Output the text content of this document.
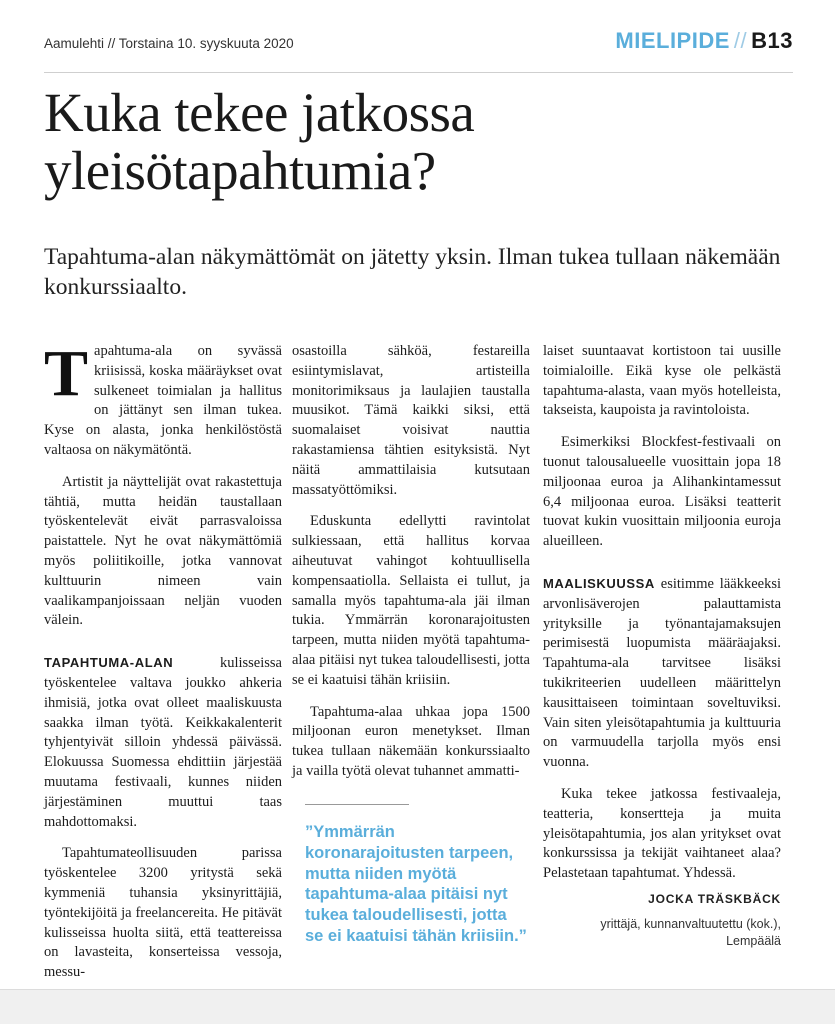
Aamulehti // Torstaina 10. syyskuuta 2020	MIELIPIDE // B13
Kuka tekee jatkossa yleisötapahtumia?

Tapahtuma-alan näkymättömät on jätetty yksin. Ilman tukea tullaan näkemään konkurssiaalto.

Tapahtuma-ala on syvässä kriisissä, koska määräykset ovat sulkeneet toimialan ja hallitus on jättänyt sen ilman tukea. Kyse on alasta, jonka henkilöstöstä valtaosa on näkymätöntä.

Artistit ja näyttelijät ovat rakastettuja tähtiä, mutta heidän taustallaan työskentelevät eivät parrasvaloissa paistattele. Nyt he ovat näkymättömiä myös poliitikoille, jotka vannovat kulttuurin nimeen vain vaalikampanjoissaan neljän vuoden välein.

TAPAHTUMA-ALAN kulisseissa työskentelee valtava joukko ahkeria ihmisiä, jotka ovat olleet maaliskuusta saakka ilman työtä. Keikkakalenterit tyhjentyivät silloin yhdessä päivässä. Elokuussa Suomessa ehdittiin järjestää muutama festivaali, kunnes niiden järjestäminen muuttui taas mahdottomaksi.

Tapahtumateollisuuden parissa työskentelee 3200 yritystä sekä kymmeniä tuhansia yksinyrittäjiä, työntekijöitä ja freelancereita. He pitävät kulisseissa huolta siitä, että teattereissa on lavasteita, konserteissa vessoja, messu-

osastoilla sähköä, festareilla esiintymislavat, artisteilla monitorimiksaus ja laulajien taustalla muusikot. Tämä kaikki siksi, että suomalaiset voisivat nauttia rakastamiensa tähtien esityksistä. Nyt näitä ammattilaisia kutsutaan massatyöttömiksi.

Eduskunta edellytti ravintolat sulkiessaan, että hallitus korvaa aiheutuvat vahingot kohtuullisella kompensaatiolla. Sellaista ei tullut, ja samalla myös tapahtuma-ala jäi ilman tukia. Ymmärrän koronarajoitusten tarpeen, mutta niiden myötä tapahtuma-alaa pitäisi nyt tukea taloudellisesti, jotta se ei kaatuisi tähän kriisiin.

Tapahtuma-alaa uhkaa jopa 1500 miljoonan euron menetykset. Ilman tukea tullaan näkemään konkurssiaalto ja vailla työtä olevat tuhannet ammatti-

”Ymmärrän koronarajoitusten tarpeen, mutta niiden myötä tapahtuma-alaa pitäisi nyt tukea taloudellisesti, jotta se ei kaatuisi tähän kriisiin.”

laiset suuntaavat kortistoon tai uusille toimialoille. Eikä kyse ole pelkästä tapahtuma-alasta, vaan myös hotelleista, takseista, kaupoista ja ravintoloista.

Esimerkiksi Blockfest-festivaali on tuonut talousalueelle vuosittain jopa 18 miljoonaa euroa ja Alihankintamessut 6,4 miljoonaa euroa. Lisäksi teatterit tuovat kukin vuosittain miljoonia euroja alueilleen.

MAALISKUUSSA esitimme lääkkeeksi arvonlisäverojen palauttamista yrityksille ja työnantajamaksujen perimisestä luopumista määräajaksi. Tapahtuma-ala tarvitsee lisäksi tukikriteerien uudelleen määrittelyn kausittaiseen toimintaan soveltuviksi. Vain siten yleisötapahtumia ja kulttuuria on varmuudella tarjolla myös ensi vuonna.

Kuka tekee jatkossa festivaaleja, teatteria, konsertteja ja muita yleisötapahtumia, jos alan yritykset ovat konkurssissa ja tekijät vaihtaneet alaa? Pelastetaan tapahtumat. Yhdessä.

JOCKA TRÄSKBÄCK
yrittäjä, kunnanvaltuutettu (kok.), Lempäälä
